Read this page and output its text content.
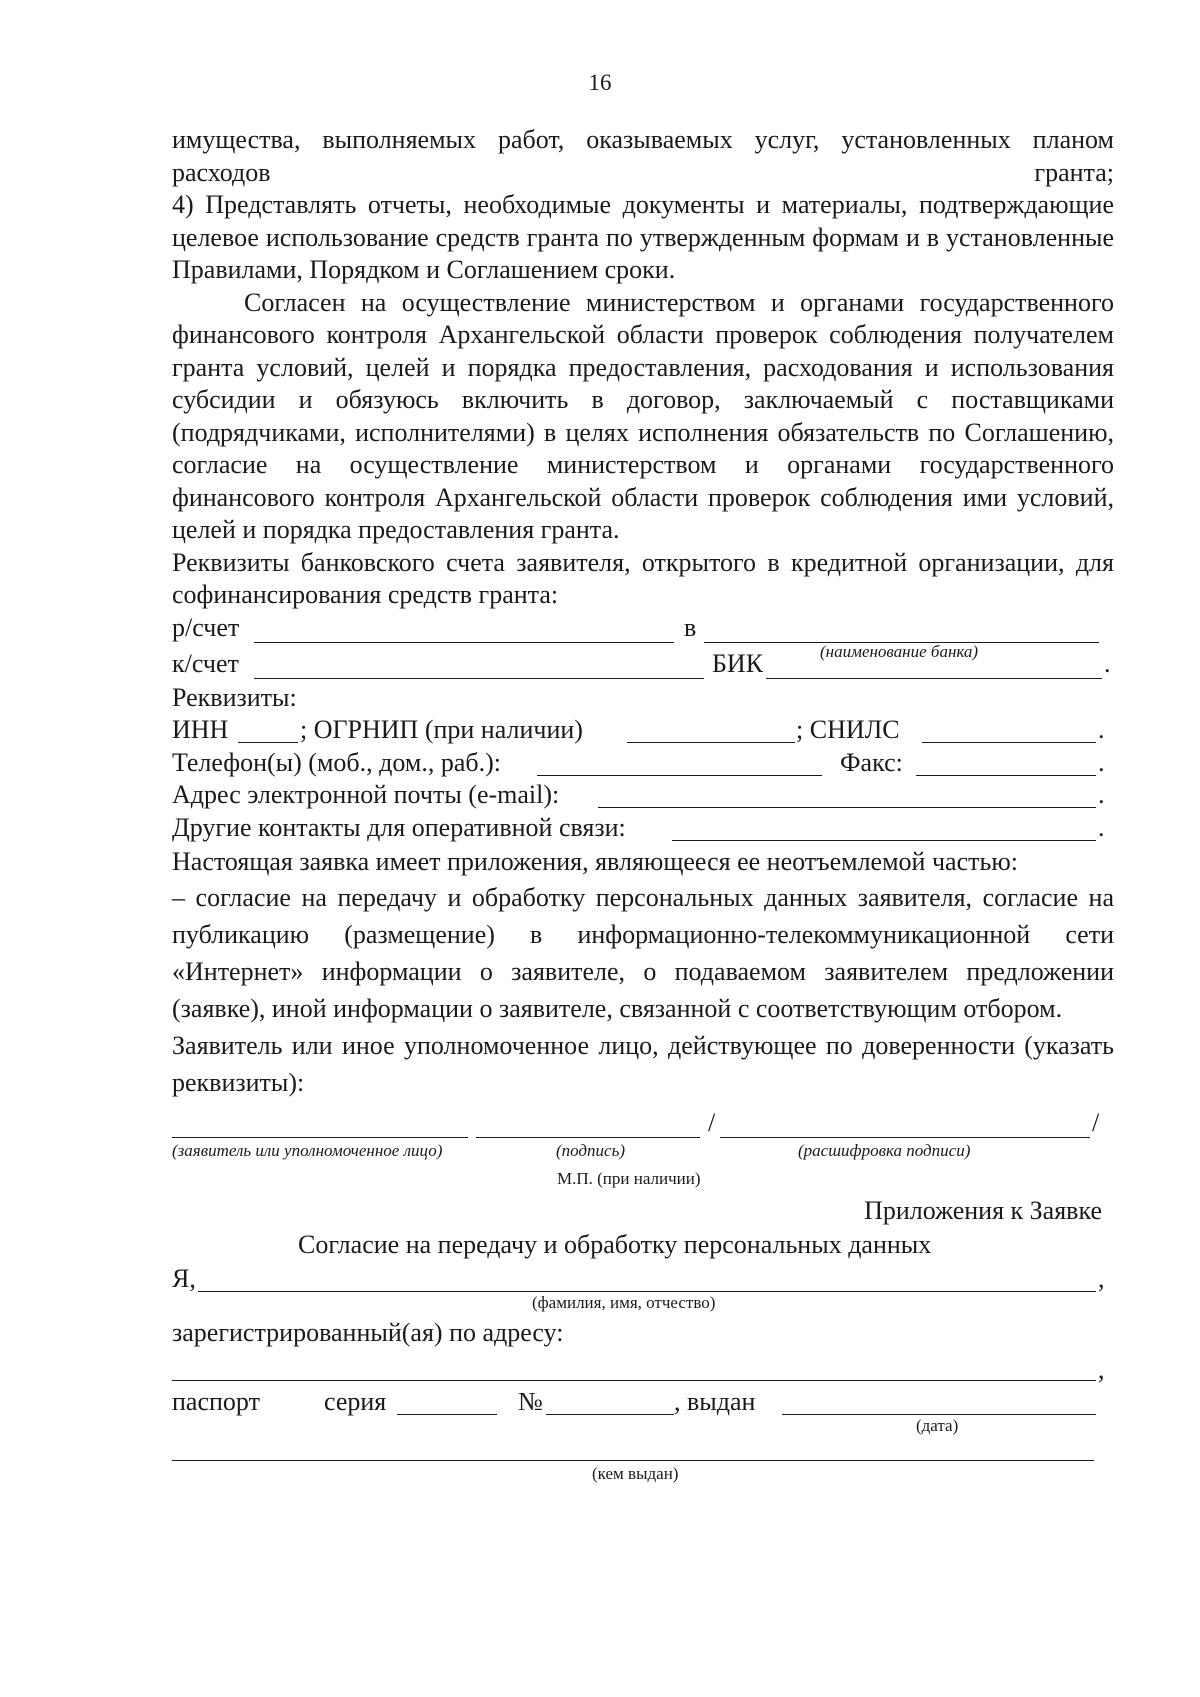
16

имущества, выполняемых работ, оказываемых услуг, установленных планом расходов гранта;

4) Представлять отчеты, необходимые документы и материалы, подтверждающие целевое использование средств гранта по утвержденным формам и в установленные Правилами, Порядком и Соглашением сроки.

Согласен на осуществление министерством и органами государственного финансового контроля Архангельской области проверок соблюдения получателем гранта условий, целей и порядка предоставления, расходования и использования субсидии и обязуюсь включить в договор, заключаемый с поставщиками (подрядчиками, исполнителями) в целях исполнения обязательств по Соглашению, согласие на осуществление министерством и органами государственного финансового контроля Архангельской области проверок соблюдения ими условий, целей и порядка предоставления гранта.

Реквизиты банковского счета заявителя, открытого в кредитной организации, для софинансирования средств гранта:

р/счет	в
(наименование банка)
к/счет	БИК	.

Реквизиты:

ИНН	; ОГРНИП (при наличии)	; СНИЛС	.
Телефон(ы) (моб., дом., раб.):	Факс:	.
Адрес электронной почты (e-mail):	.
Другие контакты для оперативной связи:	.

Настоящая заявка имеет приложения, являющееся ее неотъемлемой частью:

– согласие на передачу и обработку персональных данных заявителя, согласие на публикацию (размещение) в информационно-телекоммуникационной сети «Интернет» информации о заявителе, о подаваемом заявителем предложении (заявке), иной информации о заявителе, связанной с соответствующим отбором.

Заявитель или иное уполномоченное лицо, действующее по доверенности (указать реквизиты):

/	/
(заявитель или уполномоченное лицо)	(подпись)	(расшифровка подписи)
М.П. (при наличии)
Приложения к Заявке
Согласие на передачу и обработку персональных данных
Я,	,
(фамилия, имя, отчество)

зарегистрированный(ая) по адресу:

,
паспорт серия	№	, выдан
(дата)
(кем выдан)
